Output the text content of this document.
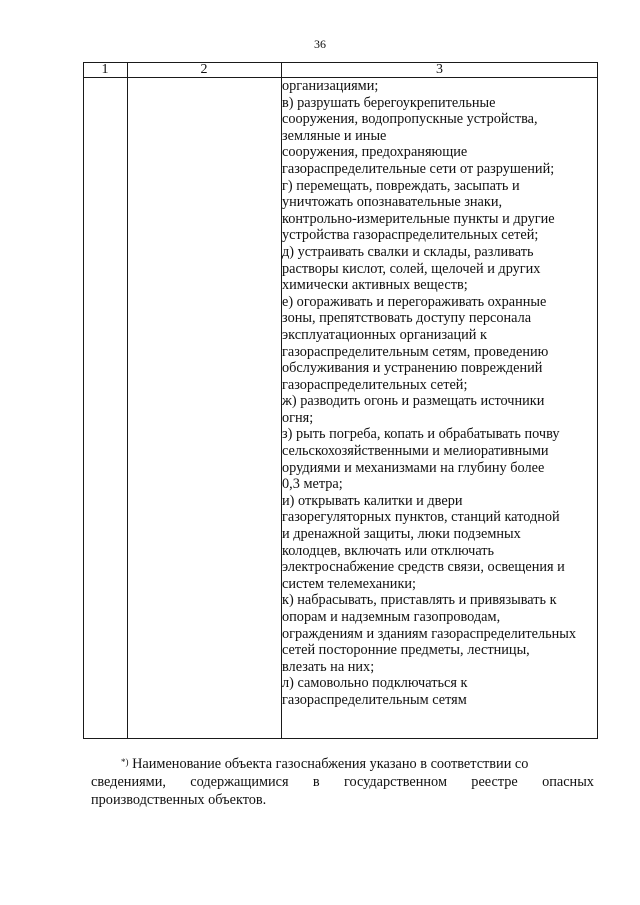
36
1	2	3
организациями;
в) разрушать берегоукрепительные
сооружения, водопропускные устройства,
земляные и иные
сооружения, предохраняющие
газораспределительные сети от разрушений;
г) перемещать, повреждать, засыпать и
уничтожать опознавательные знаки,
контрольно-измерительные пункты и другие
устройства газораспределительных сетей;
д) устраивать свалки и склады, разливать
растворы кислот, солей, щелочей и других
химически активных веществ;
е) огораживать и перегораживать охранные
зоны, препятствовать доступу персонала
эксплуатационных организаций к
газораспределительным сетям, проведению
обслуживания и устранению повреждений
газораспределительных сетей;
ж) разводить огонь и размещать источники
огня;
з) рыть погреба, копать и обрабатывать почву
сельскохозяйственными и мелиоративными
орудиями и механизмами на глубину более
0,3 метра;
и) открывать калитки и двери
газорегуляторных пунктов, станций катодной
и дренажной защиты, люки подземных
колодцев, включать или отключать
электроснабжение средств связи, освещения и
систем телемеханики;
к) набрасывать, приставлять и привязывать к
опорам и надземным газопроводам,
ограждениям и зданиям газораспределительных
сетей посторонние предметы, лестницы,
влезать на них;
л) самовольно подключаться к
газораспределительным сетям
*) Наименование объекта газоснабжения указано в соответствии со
сведениями, содержащимися в государственном реестре опасных
производственных объектов.
